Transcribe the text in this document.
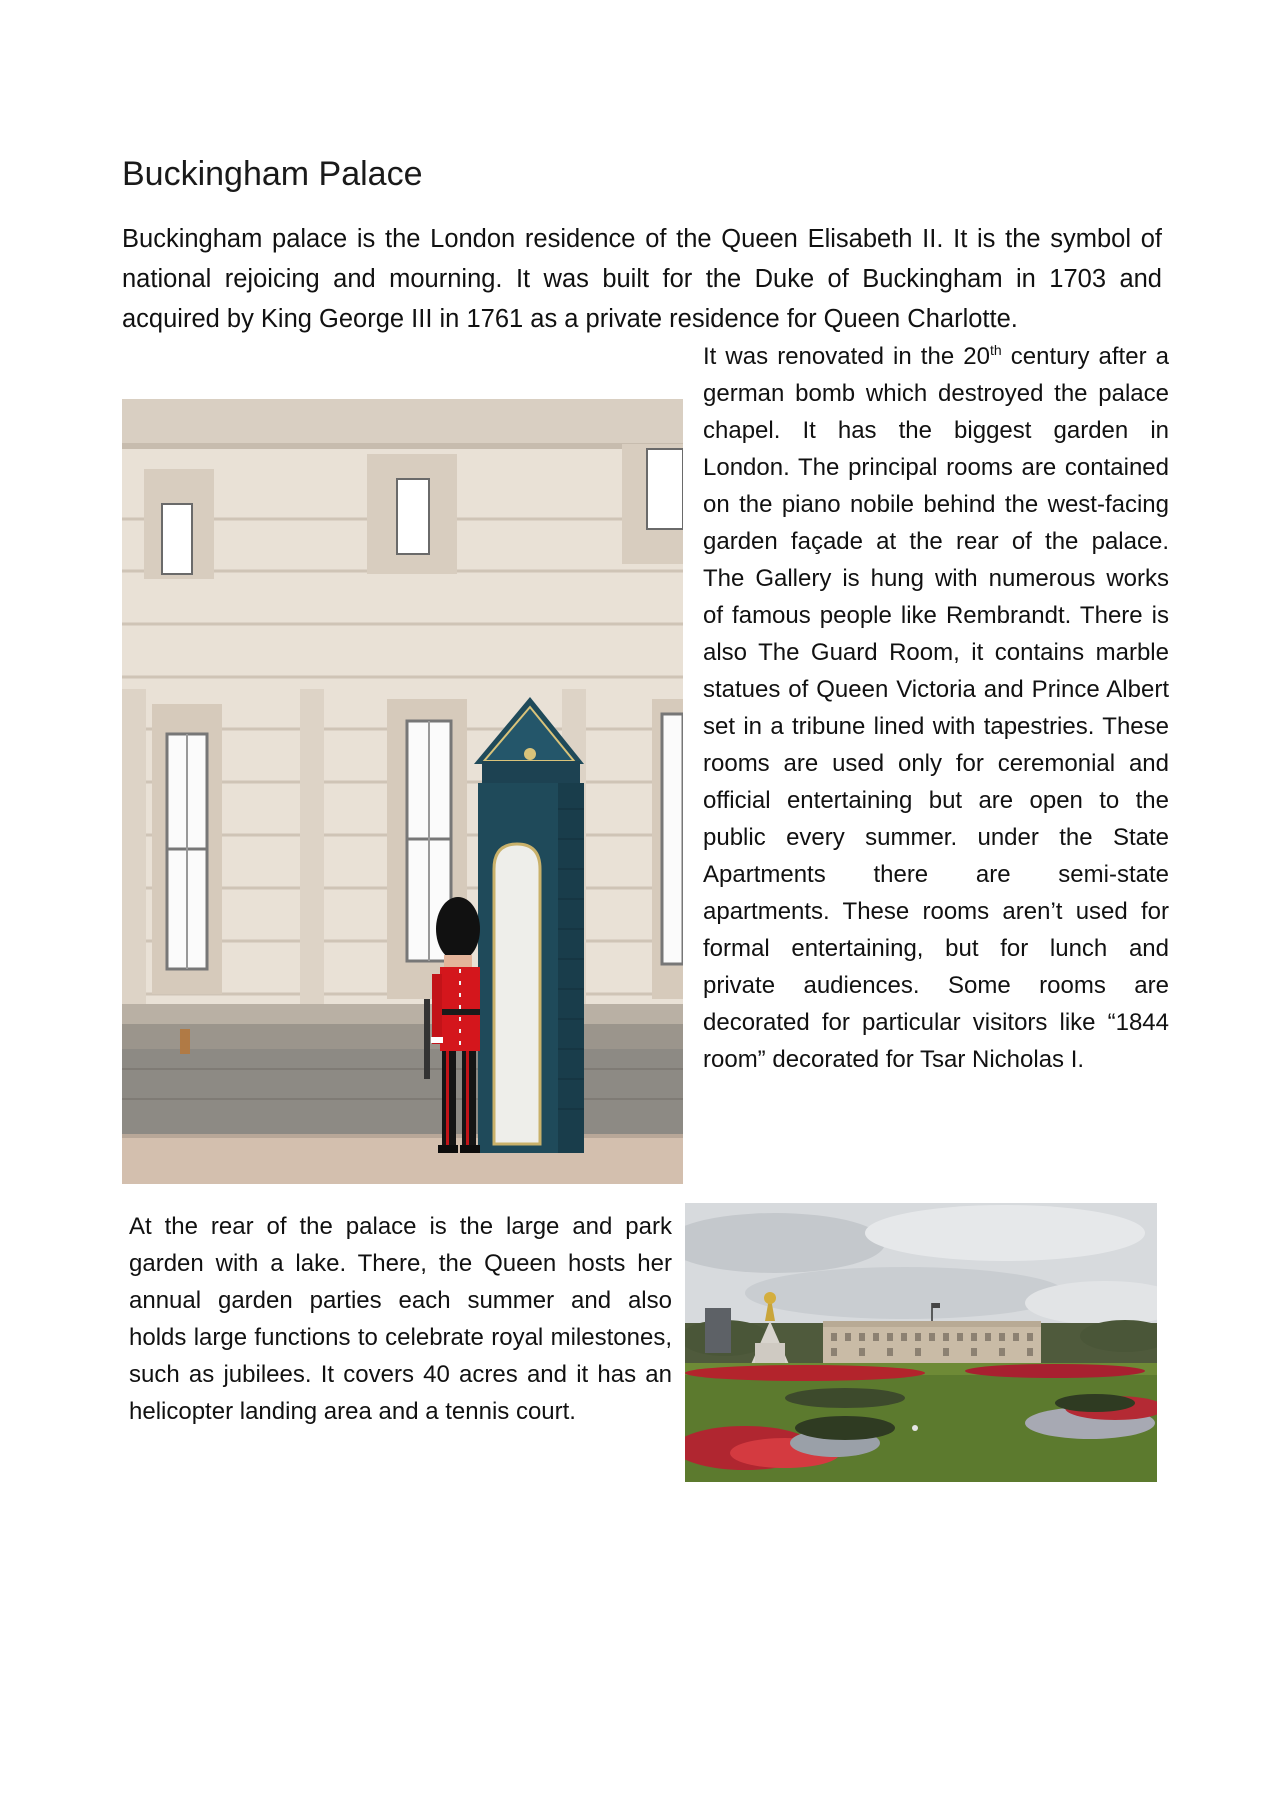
Buckingham Palace

Buckingham palace is the London residence of the Queen Elisabeth II. It is the symbol of national rejoicing and mourning. It was built for the Duke of Buckingham in 1703 and acquired by King George III in 1761 as a private residence for Queen Charlotte.

It was renovated in the 20th century after a german bomb which destroyed the palace chapel. It has the biggest garden in London. The principal rooms are contained on the piano nobile behind the west-facing garden façade at the rear of the palace. The Gallery is hung with numerous works of famous people like Rembrandt. There is also The Guard Room, it contains marble statues of Queen Victoria and Prince Albert set in a tribune lined with tapestries. These rooms are used only for ceremonial and official entertaining but are open to the public every summer. under the State Apartments there are semi-state apartments. These rooms aren’t used for formal entertaining, but for lunch and private audiences. Some rooms are decorated for particular visitors like “1844 room” decorated for Tsar Nicholas I.

At the rear of the palace is the large and park garden with a lake. There, the Queen hosts her annual garden parties each summer and also holds large functions to celebrate royal milestones, such as jubilees. It covers 40 acres and it has an helicopter landing area and a tennis court.
